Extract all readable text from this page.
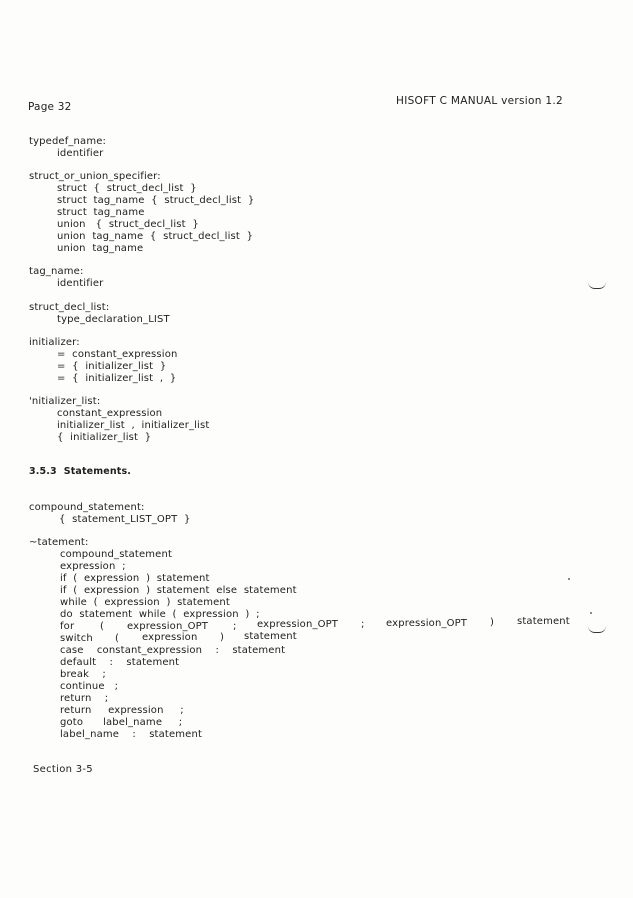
Page 32	HISOFT C MANUAL version 1.2
typedef_name:
identifier
struct_or_union_specifier:
struct  {  struct_decl_list  }
struct  tag_name  {  struct_decl_list  }
struct  tag_name
union   {  struct_decl_list  }
union  tag_name  {  struct_decl_list  }
union  tag_name
tag_name:
identifier
struct_decl_list:
type_declaration_LIST
initializer:
=  constant_expression
=  {  initializer_list  }
=  {  initializer_list  ,  }
'nitializer_list:
constant_expression
initializer_list  ,  initializer_list
{  initializer_list  }
3.5.3  Statements.
compound_statement:
{  statement_LIST_OPT  }
~tatement:
compound_statement
expression  ;
if  (  expression  )  statement
if  (  expression  )  statement  else  statement
while  (  expression  )  statement
do  statement  while  (  expression  )  ;
for	( expression_OPT ; expression_OPT ; expression_OPT ) statement
switch ( expression ) statement
case    constant_expression    :    statement
default    :    statement
break    ;
continue   ;
return    ;
return     expression     ;
goto      label_name     ;
label_name    :    statement
Section 3-5
